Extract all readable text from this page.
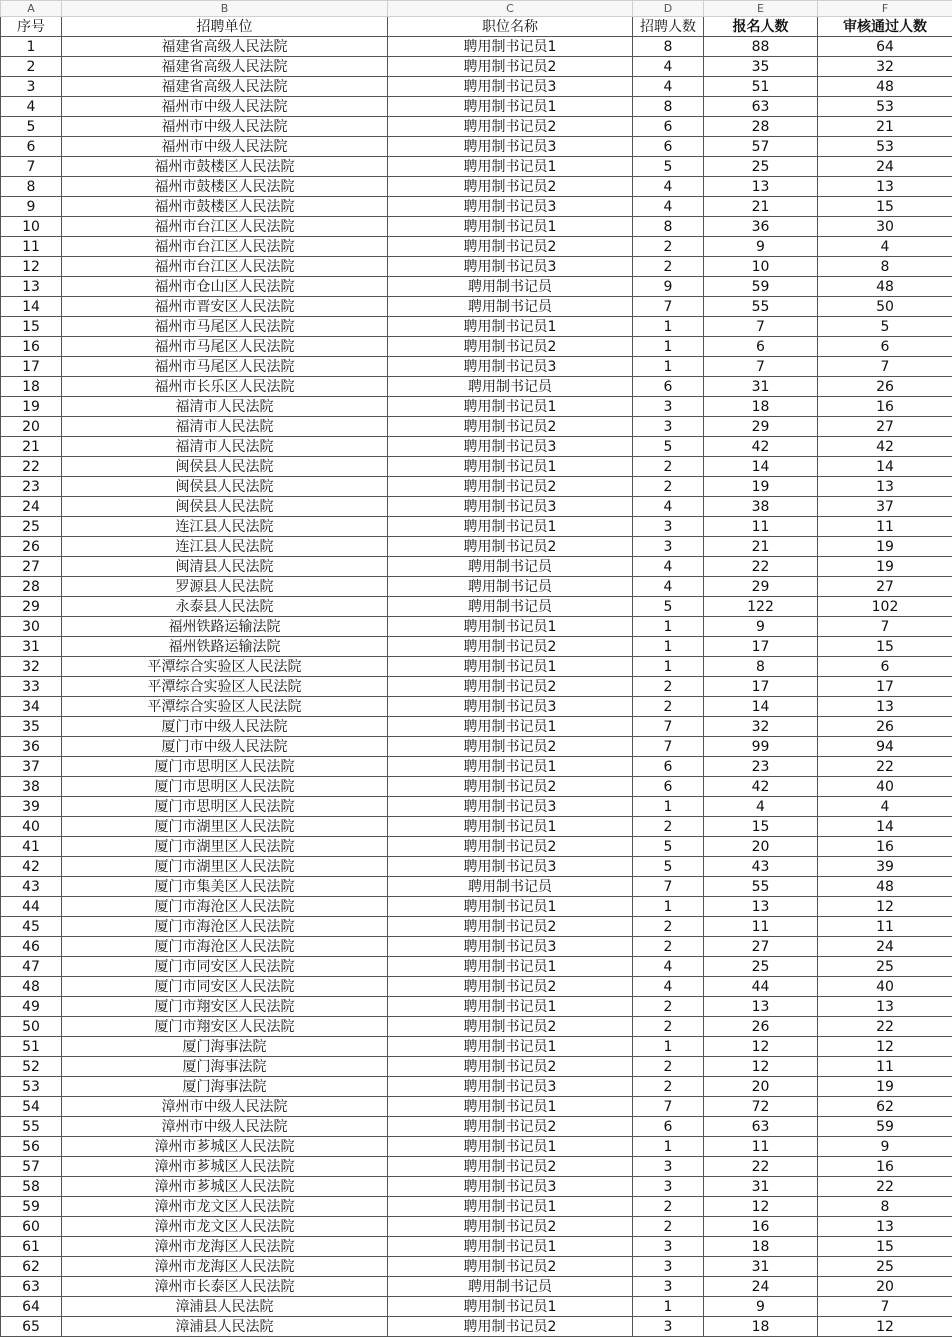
A	B	C	D	E	F
序号	招聘单位	职位名称	招聘人数	报名人数	审核通过人数
1	福建省高级人民法院	聘用制书记员1	8	88	64
2	福建省高级人民法院	聘用制书记员2	4	35	32
3	福建省高级人民法院	聘用制书记员3	4	51	48
4	福州市中级人民法院	聘用制书记员1	8	63	53
5	福州市中级人民法院	聘用制书记员2	6	28	21
6	福州市中级人民法院	聘用制书记员3	6	57	53
7	福州市鼓楼区人民法院	聘用制书记员1	5	25	24
8	福州市鼓楼区人民法院	聘用制书记员2	4	13	13
9	福州市鼓楼区人民法院	聘用制书记员3	4	21	15
10	福州市台江区人民法院	聘用制书记员1	8	36	30
11	福州市台江区人民法院	聘用制书记员2	2	9	4
12	福州市台江区人民法院	聘用制书记员3	2	10	8
13	福州市仓山区人民法院	聘用制书记员	9	59	48
14	福州市晋安区人民法院	聘用制书记员	7	55	50
15	福州市马尾区人民法院	聘用制书记员1	1	7	5
16	福州市马尾区人民法院	聘用制书记员2	1	6	6
17	福州市马尾区人民法院	聘用制书记员3	1	7	7
18	福州市长乐区人民法院	聘用制书记员	6	31	26
19	福清市人民法院	聘用制书记员1	3	18	16
20	福清市人民法院	聘用制书记员2	3	29	27
21	福清市人民法院	聘用制书记员3	5	42	42
22	闽侯县人民法院	聘用制书记员1	2	14	14
23	闽侯县人民法院	聘用制书记员2	2	19	13
24	闽侯县人民法院	聘用制书记员3	4	38	37
25	连江县人民法院	聘用制书记员1	3	11	11
26	连江县人民法院	聘用制书记员2	3	21	19
27	闽清县人民法院	聘用制书记员	4	22	19
28	罗源县人民法院	聘用制书记员	4	29	27
29	永泰县人民法院	聘用制书记员	5	122	102
30	福州铁路运输法院	聘用制书记员1	1	9	7
31	福州铁路运输法院	聘用制书记员2	1	17	15
32	平潭综合实验区人民法院	聘用制书记员1	1	8	6
33	平潭综合实验区人民法院	聘用制书记员2	2	17	17
34	平潭综合实验区人民法院	聘用制书记员3	2	14	13
35	厦门市中级人民法院	聘用制书记员1	7	32	26
36	厦门市中级人民法院	聘用制书记员2	7	99	94
37	厦门市思明区人民法院	聘用制书记员1	6	23	22
38	厦门市思明区人民法院	聘用制书记员2	6	42	40
39	厦门市思明区人民法院	聘用制书记员3	1	4	4
40	厦门市湖里区人民法院	聘用制书记员1	2	15	14
41	厦门市湖里区人民法院	聘用制书记员2	5	20	16
42	厦门市湖里区人民法院	聘用制书记员3	5	43	39
43	厦门市集美区人民法院	聘用制书记员	7	55	48
44	厦门市海沧区人民法院	聘用制书记员1	1	13	12
45	厦门市海沧区人民法院	聘用制书记员2	2	11	11
46	厦门市海沧区人民法院	聘用制书记员3	2	27	24
47	厦门市同安区人民法院	聘用制书记员1	4	25	25
48	厦门市同安区人民法院	聘用制书记员2	4	44	40
49	厦门市翔安区人民法院	聘用制书记员1	2	13	13
50	厦门市翔安区人民法院	聘用制书记员2	2	26	22
51	厦门海事法院	聘用制书记员1	1	12	12
52	厦门海事法院	聘用制书记员2	2	12	11
53	厦门海事法院	聘用制书记员3	2	20	19
54	漳州市中级人民法院	聘用制书记员1	7	72	62
55	漳州市中级人民法院	聘用制书记员2	6	63	59
56	漳州市芗城区人民法院	聘用制书记员1	1	11	9
57	漳州市芗城区人民法院	聘用制书记员2	3	22	16
58	漳州市芗城区人民法院	聘用制书记员3	3	31	22
59	漳州市龙文区人民法院	聘用制书记员1	2	12	8
60	漳州市龙文区人民法院	聘用制书记员2	2	16	13
61	漳州市龙海区人民法院	聘用制书记员1	3	18	15
62	漳州市龙海区人民法院	聘用制书记员2	3	31	25
63	漳州市长泰区人民法院	聘用制书记员	3	24	20
64	漳浦县人民法院	聘用制书记员1	1	9	7
65	漳浦县人民法院	聘用制书记员2	3	18	12
